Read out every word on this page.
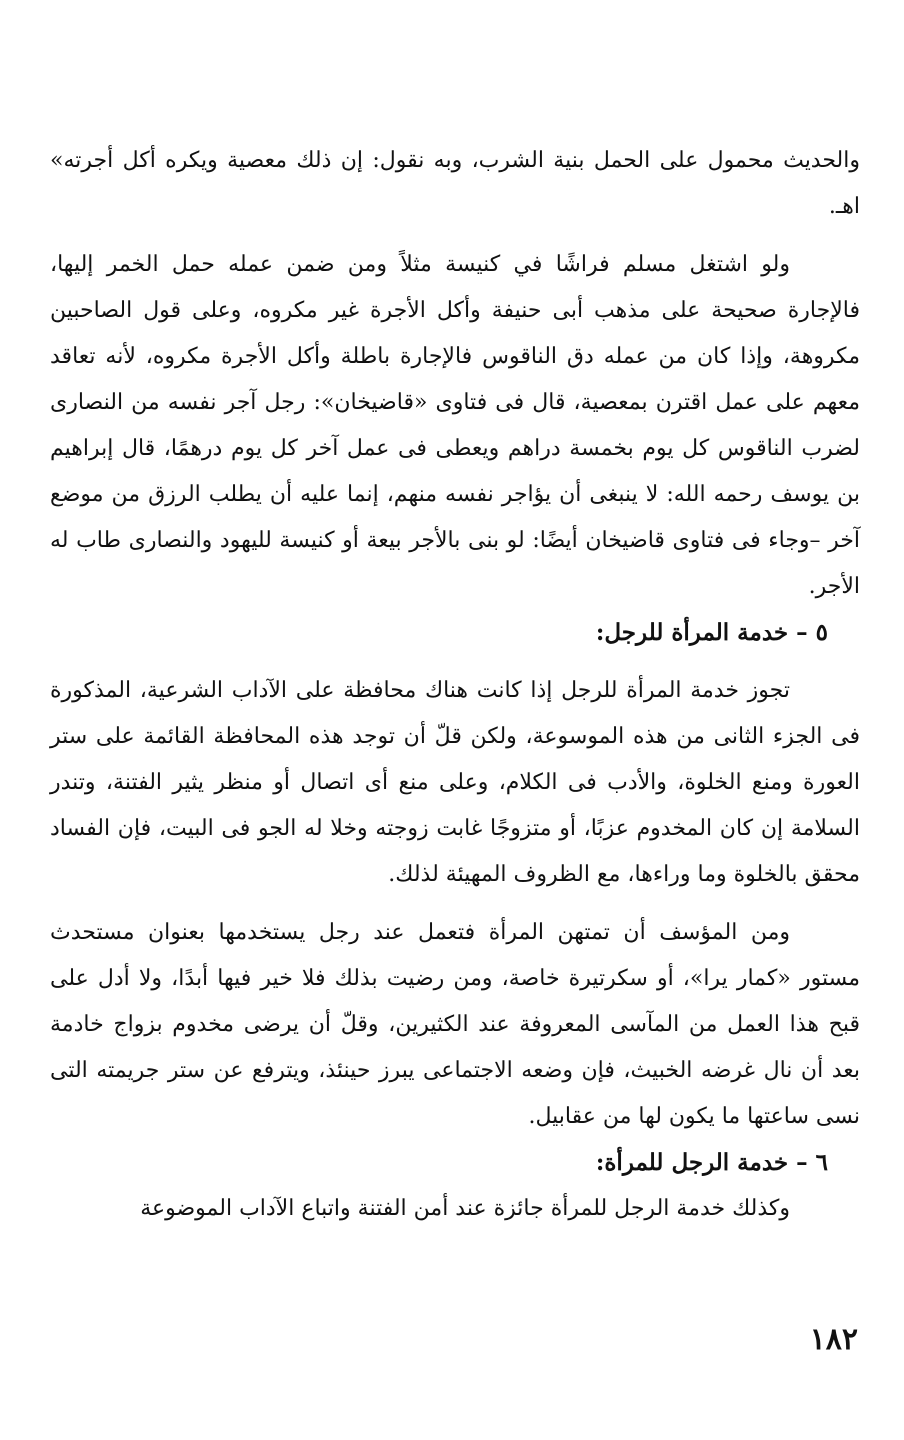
والحديث محمول على الحمل بنية الشرب، وبه نقول: إن ذلك معصية ويكره أكل أجرته» اهـ.

ولو اشتغل مسلم فراشًا في كنيسة مثلاً ومن ضمن عمله حمل الخمر إليها، فالإجارة صحيحة على مذهب أبى حنيفة وأكل الأجرة غير مكروه، وعلى قول الصاحبين مكروهة، وإذا كان من عمله دق الناقوس فالإجارة باطلة وأكل الأجرة مكروه، لأنه تعاقد معهم على عمل اقترن بمعصية، قال فى فتاوى «قاضيخان»: رجل آجر نفسه من النصارى لضرب الناقوس كل يوم بخمسة دراهم ويعطى فى عمل آخر كل يوم درهمًا، قال إبراهيم بن يوسف رحمه الله: لا ينبغى أن يؤاجر نفسه منهم، إنما عليه أن يطلب الرزق من موضع آخر –وجاء فى فتاوى قاضيخان أيضًا: لو بنى بالأجر بيعة أو كنيسة لليهود والنصارى طاب له الأجر.

٥ – خدمة المرأة للرجل:

تجوز خدمة المرأة للرجل إذا كانت هناك محافظة على الآداب الشرعية، المذكورة فى الجزء الثانى من هذه الموسوعة، ولكن قلّ أن توجد هذه المحافظة القائمة على ستر العورة ومنع الخلوة، والأدب فى الكلام، وعلى منع أى اتصال أو منظر يثير الفتنة، وتندر السلامة إن كان المخدوم عزبًا، أو متزوجًا غابت زوجته وخلا له الجو فى البيت، فإن الفساد محقق بالخلوة وما وراءها، مع الظروف المهيئة لذلك.

ومن المؤسف أن تمتهن المرأة فتعمل عند رجل يستخدمها بعنوان مستحدث مستور «كمار يرا»، أو سكرتيرة خاصة، ومن رضيت بذلك فلا خير فيها أبدًا، ولا أدل على قبح هذا العمل من المآسى المعروفة عند الكثيرين، وقلّ أن يرضى مخدوم بزواج خادمة بعد أن نال غرضه الخبيث، فإن وضعه الاجتماعى يبرز حينئذ، ويترفع عن ستر جريمته التى نسى ساعتها ما يكون لها من عقابيل.

٦ – خدمة الرجل للمرأة:

وكذلك خدمة الرجل للمرأة جائزة عند أمن الفتنة واتباع الآداب الموضوعة

١٨٢
